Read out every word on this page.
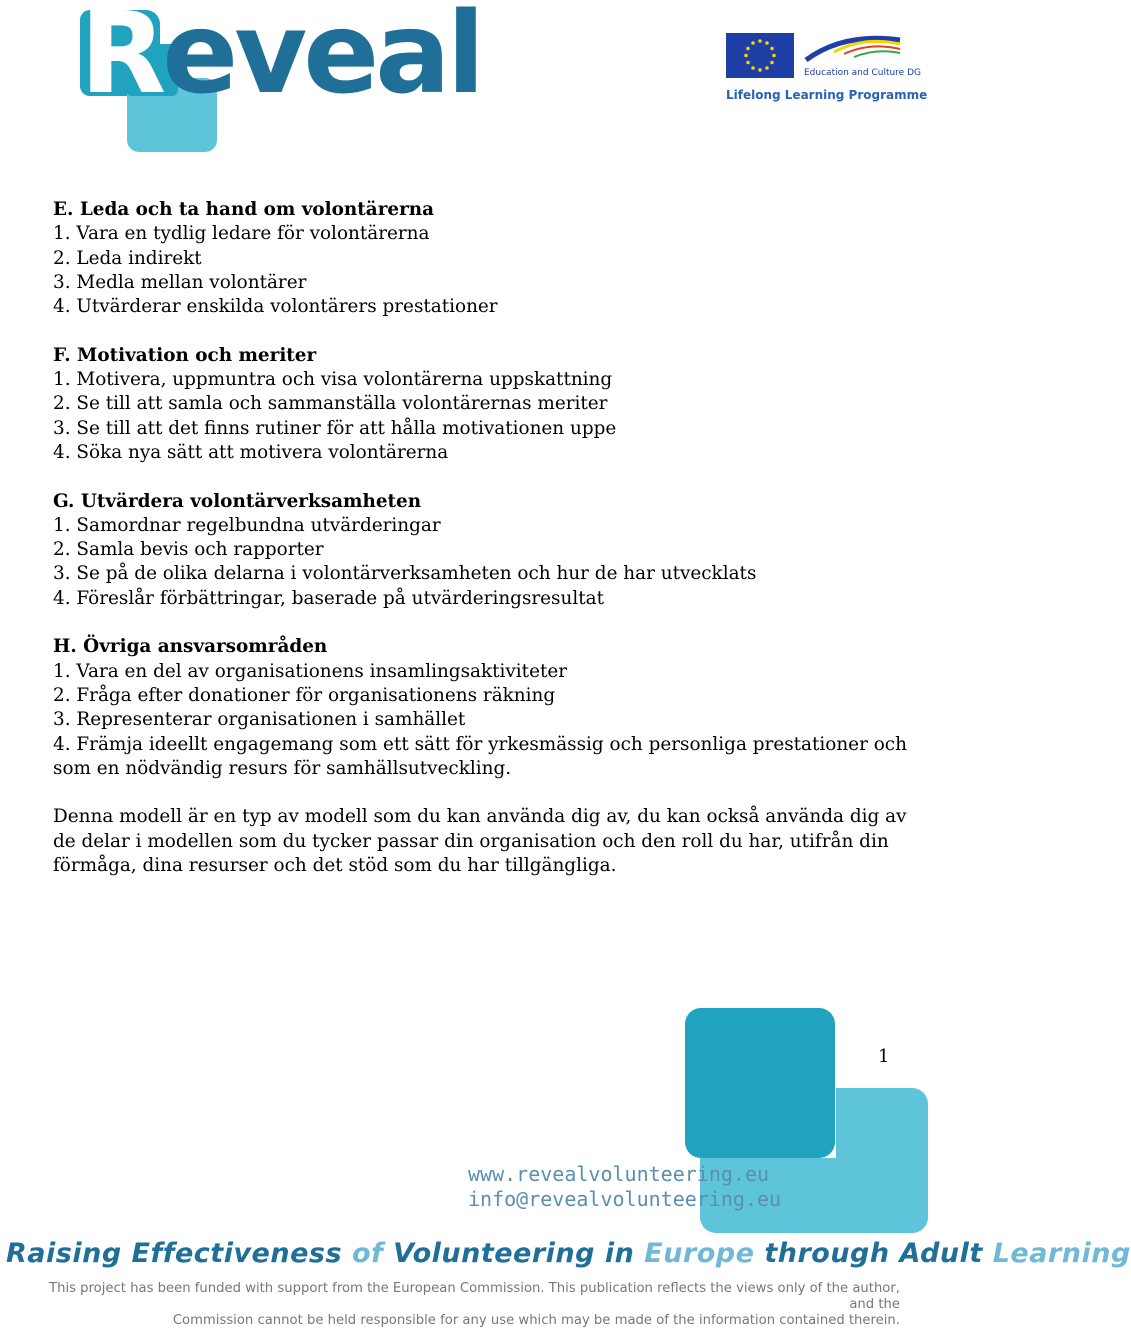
Reveal	Education and Culture DG
Lifelong Learning Programme

E. Leda och ta hand om volontärerna

1. Vara en tydlig ledare för volontärerna

2. Leda indirekt

3. Medla mellan volontärer

4. Utvärderar enskilda volontärers prestationer

F. Motivation och meriter

1. Motivera, uppmuntra och visa volontärerna uppskattning

2. Se till att samla och sammanställa volontärernas meriter

3. Se till att det finns rutiner för att hålla motivationen uppe

4. Söka nya sätt att motivera volontärerna

G. Utvärdera volontärverksamheten

1. Samordnar regelbundna utvärderingar

2. Samla bevis och rapporter

3. Se på de olika delarna i volontärverksamheten och hur de har utvecklats

4. Föreslår förbättringar, baserade på utvärderingsresultat

H. Övriga ansvarsområden

1. Vara en del av organisationens insamlingsaktiviteter

2. Fråga efter donationer för organisationens räkning

3. Representerar organisationen i samhället

4. Främja ideellt engagemang som ett sätt för yrkesmässig och personliga prestationer och som en nödvändig resurs för samhällsutveckling.

Denna modell är en typ av modell som du kan använda dig av, du kan också använda dig av de delar i modellen som du tycker passar din organisation och den roll du har, utifrån din förmåga, dina resurser och det stöd som du har tillgängliga.

1
www.revealvolunteering.eu
info@revealvolunteering.eu
Raising Effectiveness of Volunteering in Europe through Adult Learning
This project has been funded with support from the European Commission. This publication reflects the views only of the author, and the
Commission cannot be held responsible for any use which may be made of the information contained therein.
